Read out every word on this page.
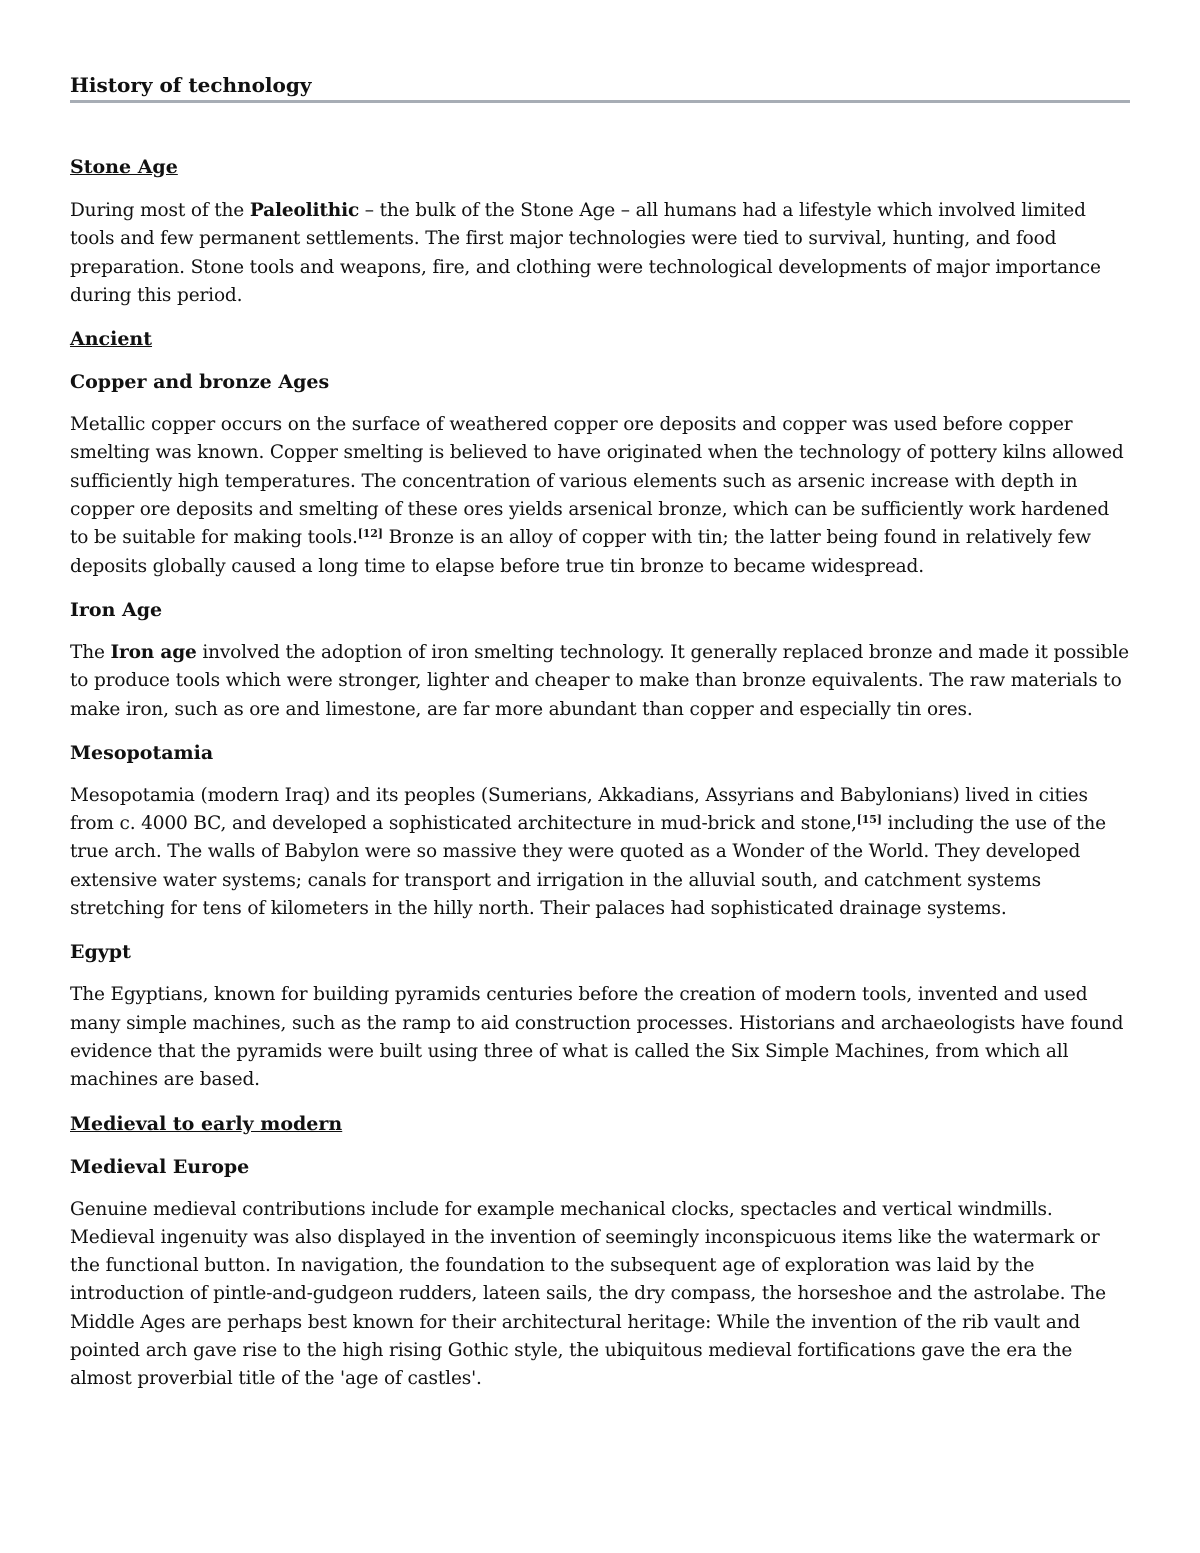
History of technology
Stone Age

During most of the Paleolithic – the bulk of the Stone Age – all humans had a lifestyle which involved limited tools and few permanent settlements. The first major technologies were tied to survival, hunting, and food preparation. Stone tools and weapons, fire, and clothing were technological developments of major importance during this period.

Ancient
Copper and bronze Ages

Metallic copper occurs on the surface of weathered copper ore deposits and copper was used before copper smelting was known. Copper smelting is believed to have originated when the technology of pottery kilns allowed sufficiently high temperatures. The concentration of various elements such as arsenic increase with depth in copper ore deposits and smelting of these ores yields arsenical bronze, which can be sufficiently work hardened to be suitable for making tools.[12] Bronze is an alloy of copper with tin; the latter being found in relatively few deposits globally caused a long time to elapse before true tin bronze to became widespread.

Iron Age

The Iron age involved the adoption of iron smelting technology. It generally replaced bronze and made it possible to produce tools which were stronger, lighter and cheaper to make than bronze equivalents. The raw materials to make iron, such as ore and limestone, are far more abundant than copper and especially tin ores.

Mesopotamia

Mesopotamia (modern Iraq) and its peoples (Sumerians, Akkadians, Assyrians and Babylonians) lived in cities from c. 4000 BC, and developed a sophisticated architecture in mud-brick and stone,[15] including the use of the true arch. The walls of Babylon were so massive they were quoted as a Wonder of the World. They developed extensive water systems; canals for transport and irrigation in the alluvial south, and catchment systems stretching for tens of kilometers in the hilly north. Their palaces had sophisticated drainage systems.

Egypt

The Egyptians, known for building pyramids centuries before the creation of modern tools, invented and used many simple machines, such as the ramp to aid construction processes. Historians and archaeologists have found evidence that the pyramids were built using three of what is called the Six Simple Machines, from which all machines are based.

Medieval to early modern
Medieval Europe

Genuine medieval contributions include for example mechanical clocks, spectacles and vertical windmills. Medieval ingenuity was also displayed in the invention of seemingly inconspicuous items like the watermark or the functional button. In navigation, the foundation to the subsequent age of exploration was laid by the introduction of pintle-and-gudgeon rudders, lateen sails, the dry compass, the horseshoe and the astrolabe. The Middle Ages are perhaps best known for their architectural heritage: While the invention of the rib vault and pointed arch gave rise to the high rising Gothic style, the ubiquitous medieval fortifications gave the era the almost proverbial title of the 'age of castles'.
